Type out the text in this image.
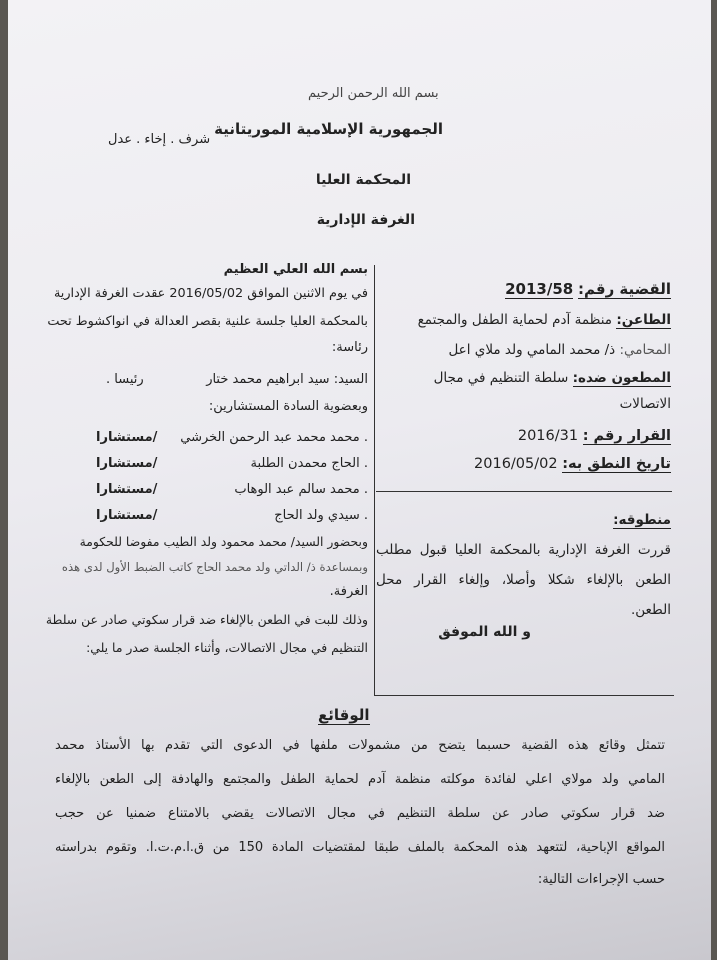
بسم الله الرحمن الرحيم
الجمهورية الإسلامية الموريتانية
شرف . إخاء . عدل
المحكمة العليا
الغرفة الإدارية
القضية رقم: 2013/58
الطاعن: منظمة آدم لحماية الطفل والمجتمع
المحامي: ذ/ محمد المامي ولد ملاي اعل
المطعون ضده: سلطة التنظيم في مجال
الاتصالات
القرار رقم : 2016/31
تاريخ النطق به: 2016/05/02
منطوقه:
قررت الغرفة الإدارية بالمحكمة العليا قبول مطلب
الطعن بالإلغاء شكلا وأصلا، وإلغاء القرار محل
الطعن.
و الله الموفق
بسم الله العلي العظيم
في يوم الاثنين الموافق 2016/05/02 عقدت الغرفة الإدارية
بالمحكمة العليا جلسة علنية بقصر العدالة في انواكشوط تحت
رئاسة:
السيد: سيد ابراهيم محمد ختار
رئيسا .
وبعضوية السادة المستشارين:
. محمد محمد عبد الرحمن الخرشي
/مستشارا
. الحاج محمدن الطلبة
/مستشارا
. محمد سالم عبد الوهاب
/مستشارا
. سيدي ولد الحاج
/مستشارا
وبحضور السيد/ محمد محمود ولد الطيب مفوضا للحكومة
وبمساعدة ذ/ الداتي ولد محمد الحاج كاتب الضبط الأول لدى هذه
الغرفة.
وذلك للبت في الطعن بالإلغاء ضد قرار سكوتي صادر عن سلطة
التنظيم في مجال الاتصالات، وأثناء الجلسة صدر ما يلي:
الوقائع
تتمثل وقائع هذه القضية حسبما يتضح من مشمولات ملفها في الدعوى التي تقدم بها الأستاذ محمد
المامي ولد مولاي اعلي لفائدة موكلته منظمة آدم لحماية الطفل والمجتمع والهادفة إلى الطعن بالإلغاء
ضد قرار سكوتي صادر عن سلطة التنظيم في مجال الاتصالات يقضي بالامتناع ضمنيا عن حجب
المواقع الإباحية، لتتعهد هذه المحكمة بالملف طبقا لمقتضيات المادة 150 من ق.ا.م.ت.ا. وتقوم بدراسته
حسب الإجراءات التالية:
